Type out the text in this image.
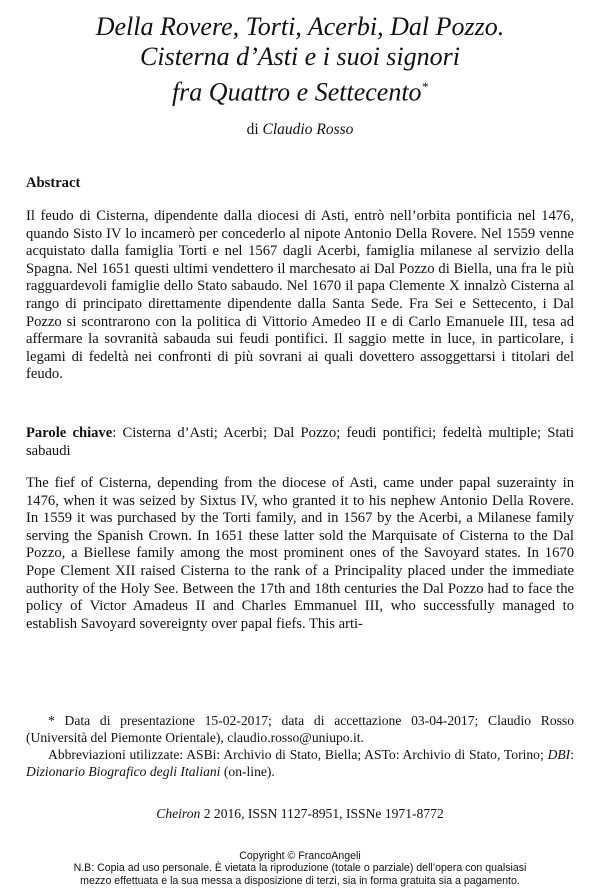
Della Rovere, Torti, Acerbi, Dal Pozzo.
Cisterna d’Asti e i suoi signori
fra Quattro e Settecento*
di Claudio Rosso
Abstract

Il feudo di Cisterna, dipendente dalla diocesi di Asti, entrò nell’orbita pontificia nel 1476, quando Sisto IV lo incamerò per concederlo al nipote Antonio Della Rovere. Nel 1559 venne acquistato dalla famiglia Torti e nel 1567 dagli Acerbi, famiglia milanese al servizio della Spagna. Nel 1651 questi ultimi vendettero il marchesato ai Dal Pozzo di Biella, una fra le più ragguardevoli famiglie dello Stato sabaudo. Nel 1670 il papa Clemente X innalzò Cisterna al rango di principato direttamente dipendente dalla Santa Sede. Fra Sei e Settecento, i Dal Pozzo si scontrarono con la politica di Vittorio Amedeo II e di Carlo Emanuele III, tesa ad affermare la sovranità sabauda sui feudi pontifici. Il saggio mette in luce, in particolare, i legami di fedeltà nei confronti di più sovrani ai quali dovettero assoggettarsi i titolari del feudo.

Parole chiave: Cisterna d’Asti; Acerbi; Dal Pozzo; feudi pontifici; fedeltà multiple; Stati sabaudi

The fief of Cisterna, depending from the diocese of Asti, came under papal suzerainty in 1476, when it was seized by Sixtus IV, who granted it to his nephew Antonio Della Rovere. In 1559 it was purchased by the Torti family, and in 1567 by the Acerbi, a Milanese family serving the Spanish Crown. In 1651 these latter sold the Marquisate of Cisterna to the Dal Pozzo, a Biellese family among the most prominent ones of the Savoyard states. In 1670 Pope Clement XII raised Cisterna to the rank of a Principality placed under the immediate authority of the Holy See. Between the 17th and 18th centuries the Dal Pozzo had to face the policy of Victor Amadeus II and Charles Emmanuel III, who successfully managed to establish Savoyard sovereignty over papal fiefs. This arti-

* Data di presentazione 15-02-2017; data di accettazione 03-04-2017; Claudio Rosso (Università del Piemonte Orientale), claudio.rosso@uniupo.it.

Abbreviazioni utilizzate: ASBi: Archivio di Stato, Biella; ASTo: Archivio di Stato, Torino; DBI: Dizionario Biografico degli Italiani (on-line).

Cheiron 2 2016, ISSN 1127-8951, ISSNe 1971-8772
Copyright © FrancoAngeli
N.B: Copia ad uso personale. È vietata la riproduzione (totale o parziale) dell’opera con qualsiasi
mezzo effettuata e la sua messa a disposizione di terzi, sia in forma gratuita sia a pagamento.
